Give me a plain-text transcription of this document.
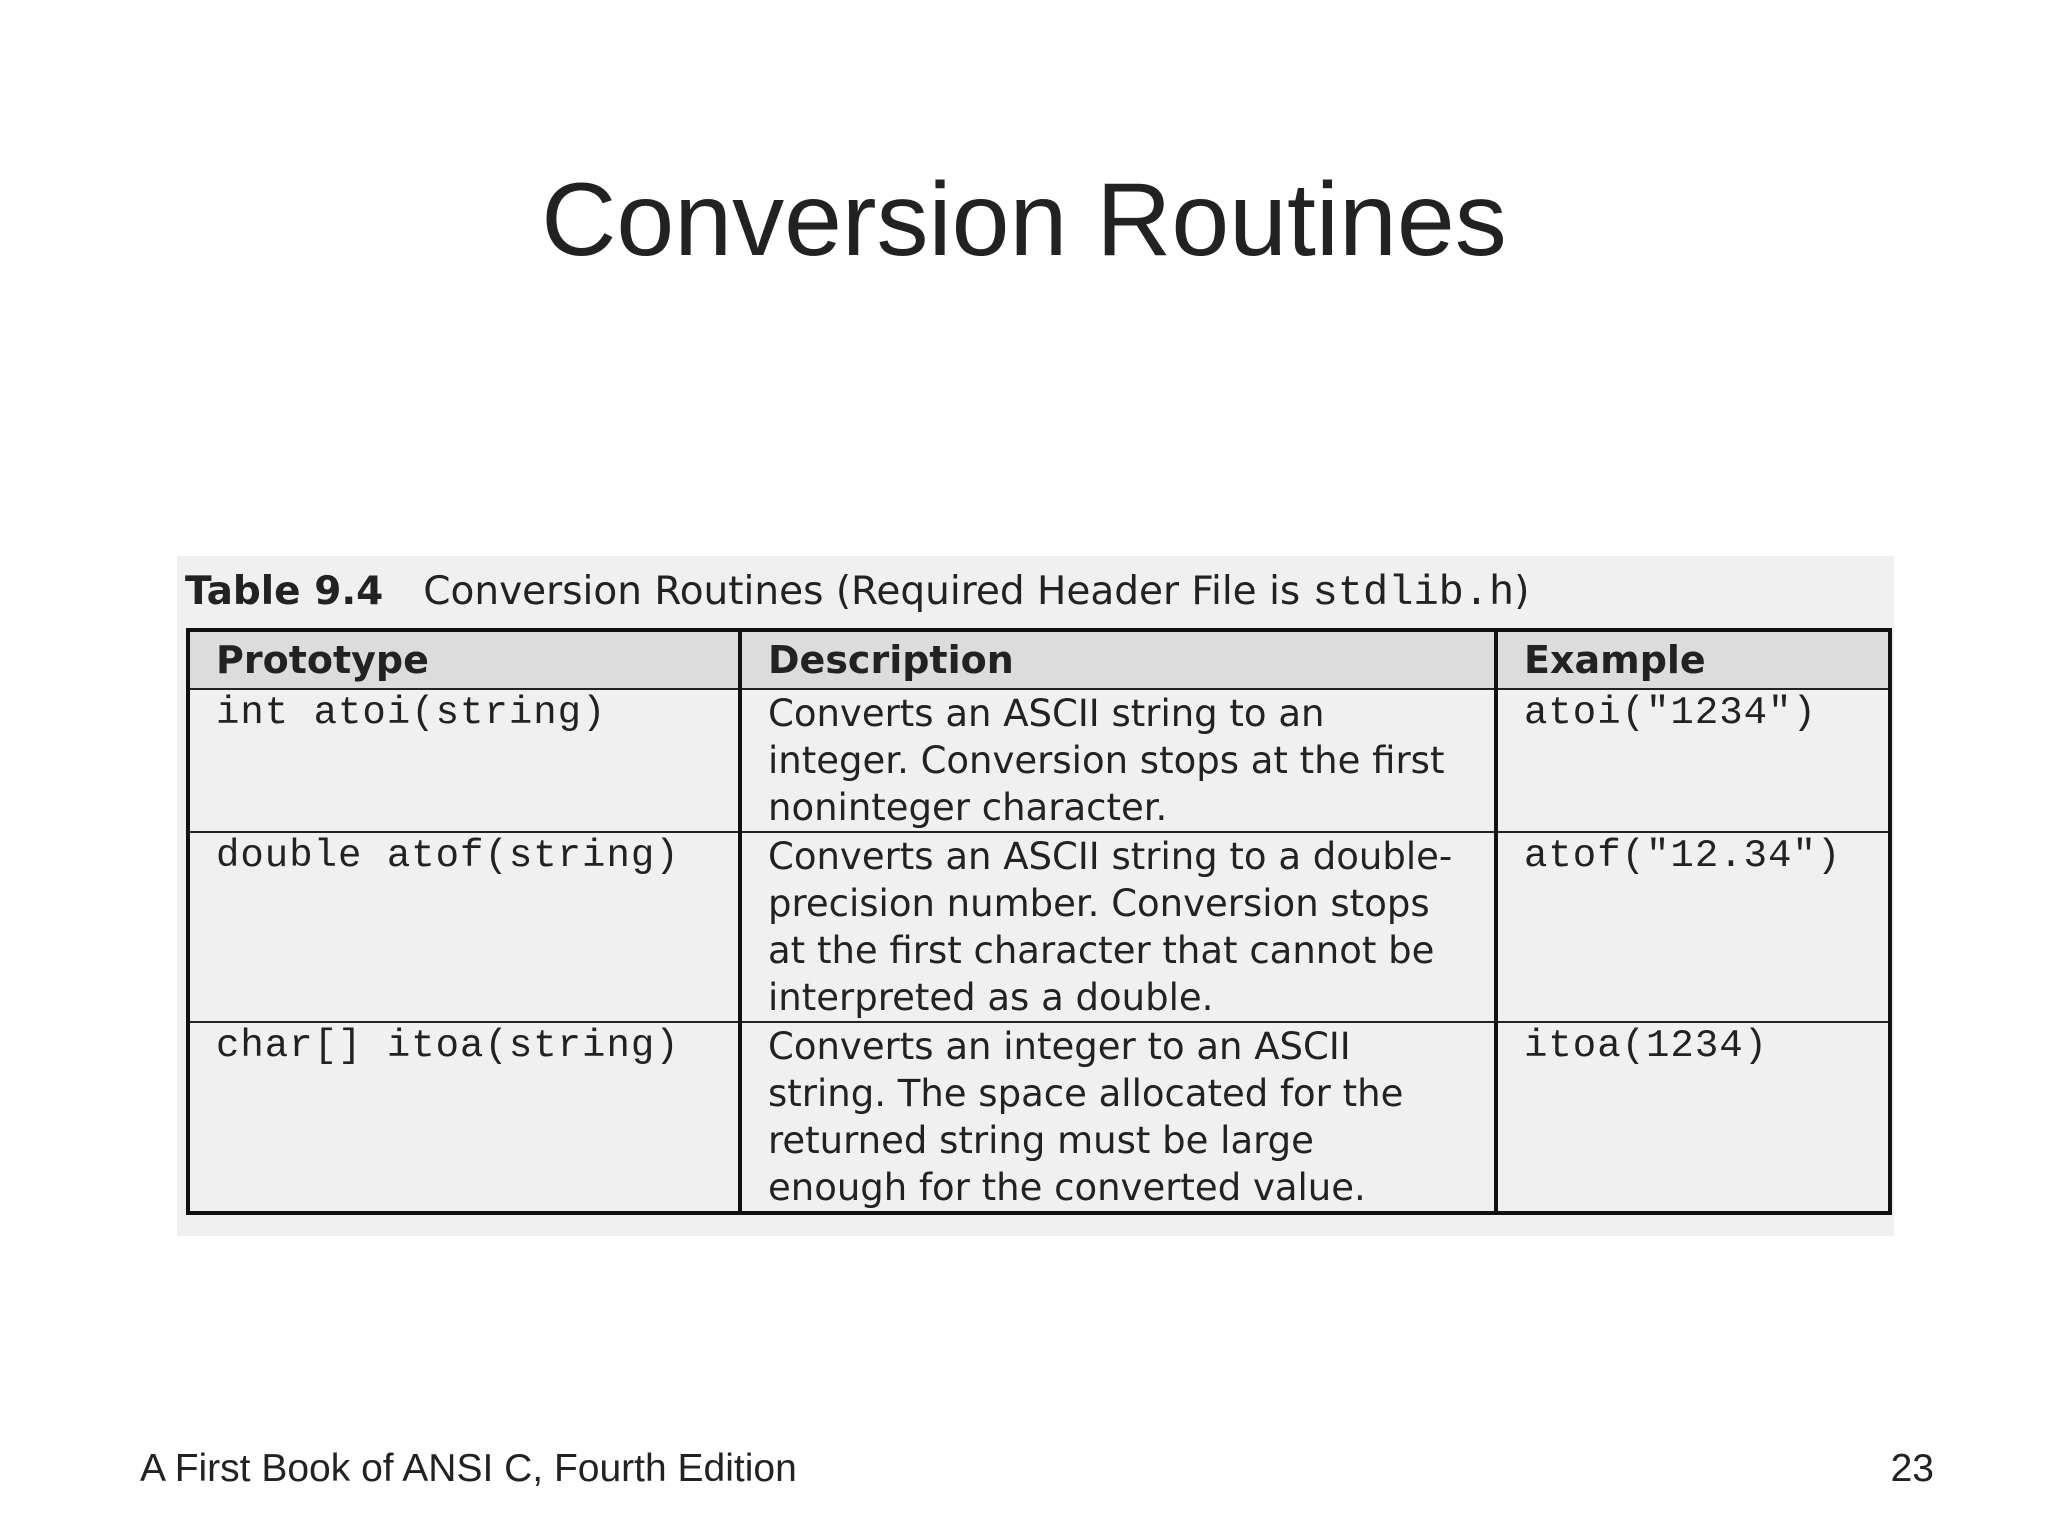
Conversion Routines
Table 9.4 Conversion Routines (Required Header File is stdlib.h)
Prototype	Description	Example
int atoi(string)	Converts an ASCII string to an
integer. Conversion stops at the first
noninteger character.	atoi("1234")
double atof(string)	Converts an ASCII string to a double-
precision number. Conversion stops
at the first character that cannot be
interpreted as a double.	atof("12.34")
char[] itoa(string)	Converts an integer to an ASCII
string. The space allocated for the
returned string must be large
enough for the converted value.	itoa(1234)
A First Book of ANSI C, Fourth Edition	23
